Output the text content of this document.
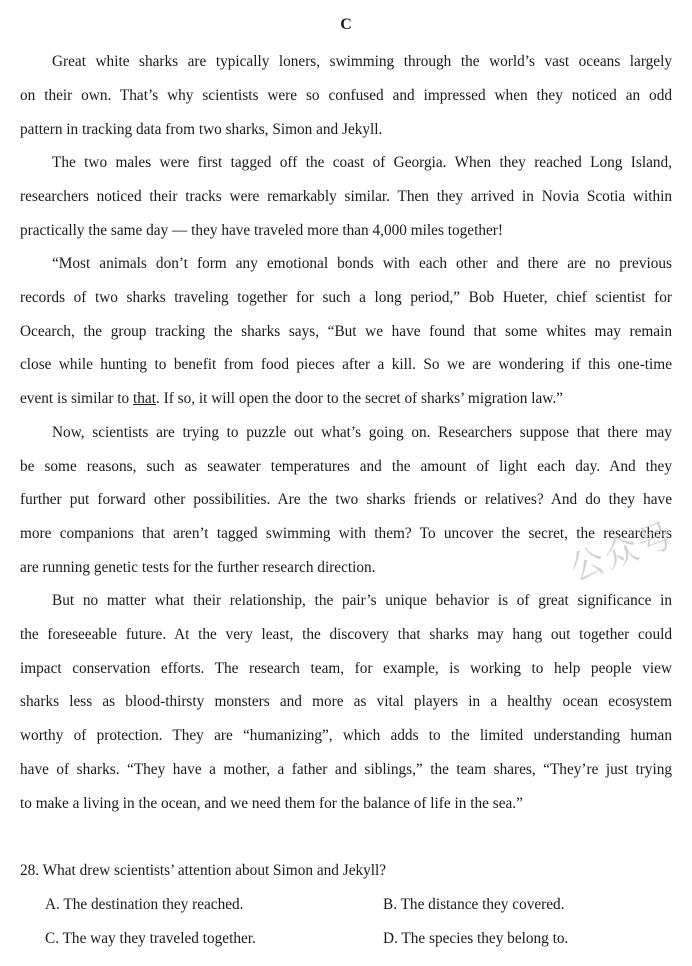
C
Great white sharks are typically loners, swimming through the world’s vast oceans largely
on their own. That’s why scientists were so confused and impressed when they noticed an odd
pattern in tracking data from two sharks, Simon and Jekyll.
The two males were first tagged off the coast of Georgia. When they reached Long Island,
researchers noticed their tracks were remarkably similar. Then they arrived in Novia Scotia within
practically the same day — they have traveled more than 4,000 miles together!
“Most animals don’t form any emotional bonds with each other and there are no previous
records of two sharks traveling together for such a long period,” Bob Hueter, chief scientist for
Ocearch, the group tracking the sharks says, “But we have found that some whites may remain
close while hunting to benefit from food pieces after a kill. So we are wondering if this one-time
event is similar to that. If so, it will open the door to the secret of sharks’ migration law.”
Now, scientists are trying to puzzle out what’s going on. Researchers suppose that there may
be some reasons, such as seawater temperatures and the amount of light each day. And they
further put forward other possibilities. Are the two sharks friends or relatives? And do they have
more companions that aren’t tagged swimming with them? To uncover the secret, the researchers
are running genetic tests for the further research direction.
But no matter what their relationship, the pair’s unique behavior is of great significance in
the foreseeable future. At the very least, the discovery that sharks may hang out together could
impact conservation efforts. The research team, for example, is working to help people view
sharks less as blood-thirsty monsters and more as vital players in a healthy ocean ecosystem
worthy of protection. They are “humanizing”, which adds to the limited understanding human
have of sharks. “They have a mother, a father and siblings,” the team shares, “They’re just trying
to make a living in the ocean, and we need them for the balance of life in the sea.”
28. What drew scientists’ attention about Simon and Jekyll?
A. The destination they reached.	B. The distance they covered.
C. The way they traveled together.	D. The species they belong to.
公众号
